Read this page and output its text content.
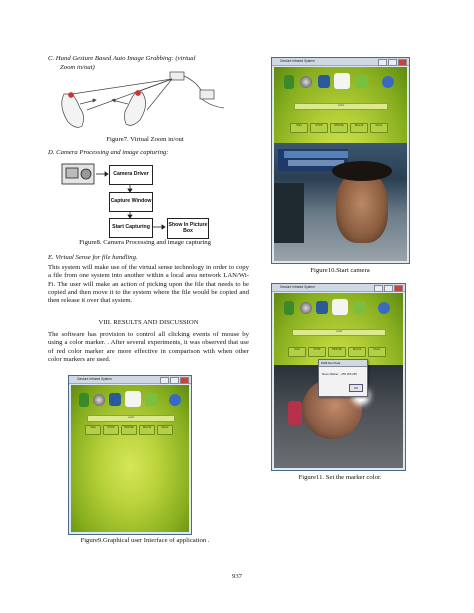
C. Hand Gesture Based Auto Image Grabbing: (virtual
Zoom in/out)
Figure7. Virtual Zoom in/out
D. Camera Processing and image capturing:
Camera Driver
Capture Window
Start Capturing	Show In Picture Box
Figure8. Camera Processing and image capturing
E. Virtual Sense for file handling.
This system will make use of the virtual sense technology in order to copy a file from one system into another within a local area network LAN/Wi-Fi. The user will make an action of picking upon the file that needs to be copied and then move it to the system where the file would be copied and then release it over that system.
VIII. RESULTS AND DISCUSSION
The software has provision to control all clicking events of mouse by using a color marker. . After several experiments, it was observed that use of red color marker are more effective in comparison with when other color markers are used.
Gesture Infrared System
Label
Start	STOP	MOUSE	Record	Movie
Figure9.Graphical user Interface of application .
Gesture Infrared System
Label
Start	STOP	MOUSE	Record	Movie
Figure10.Start camera
Gesture Infrared System
Label
Start	STOP	MOUSE	Record	Movie
RGB Alert Data
Move Marker... 255 255 255
OK
Figure11. Set the marker color.
937
